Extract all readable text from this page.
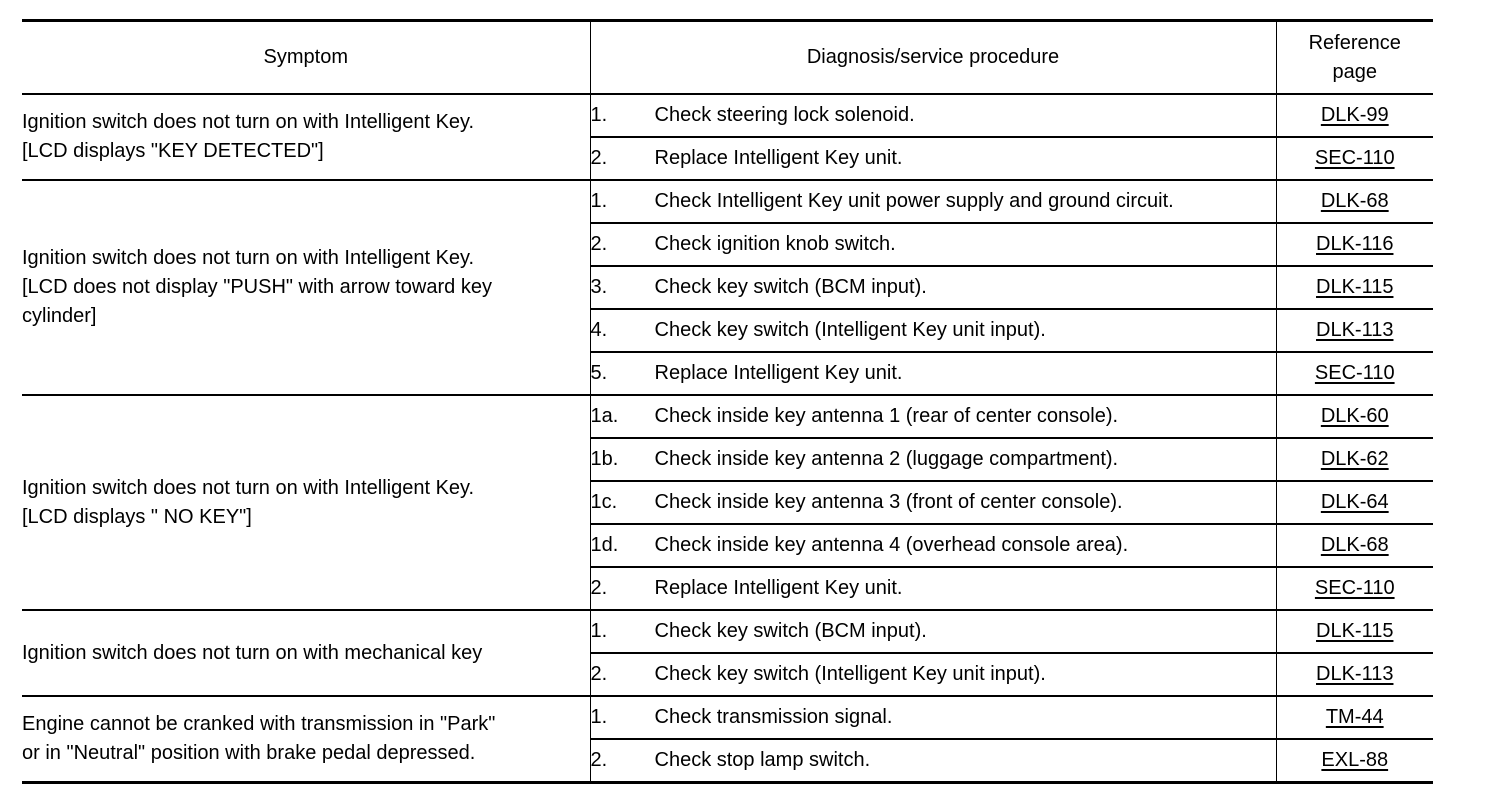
Symptom	Diagnosis/service procedure	Reference
page

Ignition switch does not turn on with Intelligent Key.
[LCD displays "KEY DETECTED"]	1. Check steering lock solenoid.	DLK-99
	2. Replace Intelligent Key unit.	SEC-110

Ignition switch does not turn on with Intelligent Key.
[LCD does not display "PUSH" with arrow toward key
cylinder]	1. Check Intelligent Key unit power supply and ground circuit.	DLK-68
	2. Check ignition knob switch.	DLK-116
	3. Check key switch (BCM input).	DLK-115
	4. Check key switch (Intelligent Key unit input).	DLK-113
	5. Replace Intelligent Key unit.	SEC-110

Ignition switch does not turn on with Intelligent Key.
[LCD displays " NO KEY"]	1a. Check inside key antenna 1 (rear of center console).	DLK-60
	1b. Check inside key antenna 2 (luggage compartment).	DLK-62
	1c. Check inside key antenna 3 (front of center console).	DLK-64
	1d. Check inside key antenna 4 (overhead console area).	DLK-68
	2. Replace Intelligent Key unit.	SEC-110

Ignition switch does not turn on with mechanical key	1. Check key switch (BCM input).	DLK-115
	2. Check key switch (Intelligent Key unit input).	DLK-113

Engine cannot be cranked with transmission in "Park"
or in "Neutral" position with brake pedal depressed.	1. Check transmission signal.	TM-44
	2. Check stop lamp switch.	EXL-88
